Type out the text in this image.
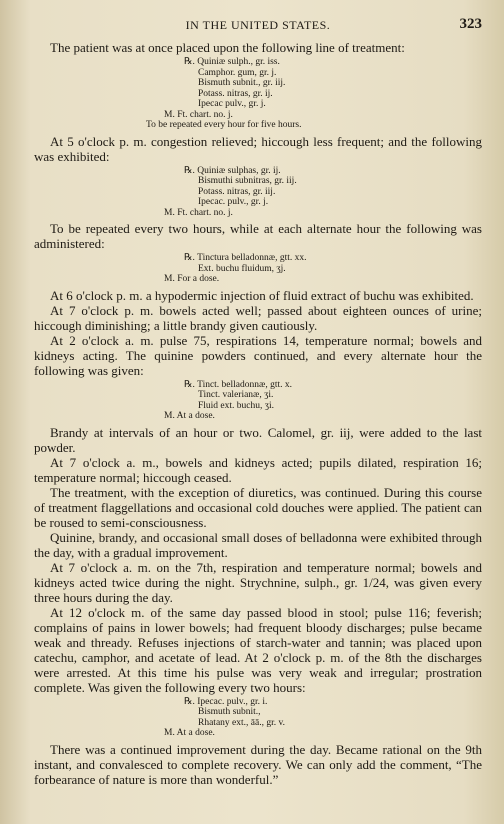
IN THE UNITED STATES.	323

The patient was at once placed upon the following line of treatment:

℞. Quiniæ sulph., gr. iss.
Camphor. gum, gr. j.
Bismuth subnit., gr. iij.
Potass. nitras, gr. ij.
Ipecac pulv., gr. j.
M. Ft. chart. no. j.
To be repeated every hour for five hours.

At 5 o'clock p. m. congestion relieved; hiccough less frequent; and the following was exhibited:

℞. Quiniæ sulphas, gr. ij.
Bismuthi subnitras, gr. iij.
Potass. nitras, gr. iij.
Ipecac. pulv., gr. j.
M. Ft. chart. no. j.

To be repeated every two hours, while at each alternate hour the following was administered:

℞. Tinctura belladonnæ, gtt. xx.
Ext. buchu fluidum, ʒj.
M. For a dose.

At 6 o'clock p. m. a hypodermic injection of fluid extract of buchu was exhibited.

At 7 o'clock p. m. bowels acted well; passed about eighteen ounces of urine; hiccough diminishing; a little brandy given cautiously.

At 2 o'clock a. m. pulse 75, respirations 14, temperature normal; bowels and kidneys acting. The quinine powders continued, and every alternate hour the following was given:

℞. Tinct. belladonnæ, gtt. x.
Tinct. valerianæ, ʒi.
Fluid ext. buchu, ʒi.
M. At a dose.

Brandy at intervals of an hour or two. Calomel, gr. iij, were added to the last powder.

At 7 o'clock a. m., bowels and kidneys acted; pupils dilated, respiration 16; temperature normal; hiccough ceased.

The treatment, with the exception of diuretics, was continued. During this course of treatment flaggellations and occasional cold douches were applied. The patient can be roused to semi-consciousness.

Quinine, brandy, and occasional small doses of belladonna were exhibited through the day, with a gradual improvement.

At 7 o'clock a. m. on the 7th, respiration and temperature normal; bowels and kidneys acted twice during the night. Strychnine, sulph., gr. 1/24, was given every three hours during the day.

At 12 o'clock m. of the same day passed blood in stool; pulse 116; feverish; complains of pains in lower bowels; had frequent bloody discharges; pulse became weak and thready. Refuses injections of starch-water and tannin; was placed upon catechu, camphor, and acetate of lead. At 2 o'clock p. m. of the 8th the discharges were arrested. At this time his pulse was very weak and irregular; prostration complete. Was given the following every two hours:

℞. Ipecac. pulv., gr. i.
Bismuth subnit.,
Rhatany ext., āā., gr. v.
M. At a dose.

There was a continued improvement during the day. Became rational on the 9th instant, and convalesced to complete recovery. We can only add the comment, “The forbearance of nature is more than wonderful.”
